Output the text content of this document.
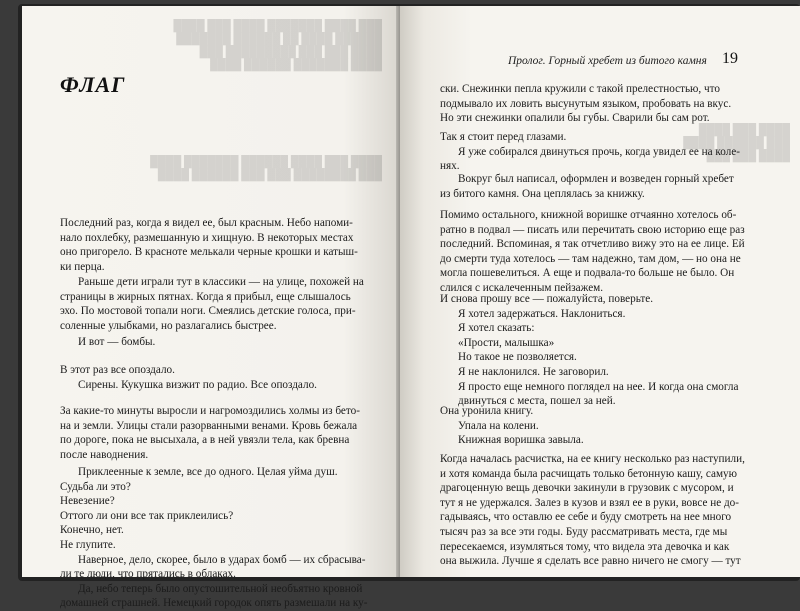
███ ████ ███████ ████ ███ ████
██████ ████ ██ ██████ ███████
████ ███ ███ █████████ ███
████ ███████ ██████ ████
████ ███ ████ ██████ ███████ ████
███ ████████ ███ ███ ██████ ████
████ ███ ████
███ ██████ ████
████ ███ ███
ФЛАГ
Последний раз, когда я видел ее, был красным. Небо напоми-
нало похлебку, размешанную и хищную. В некоторых местах
оно пригорело. В красноте мелькали черные крошки и катыш-
ки перца.
Раньше дети играли тут в классики — на улице, похожей на
страницы в жирных пятнах. Когда я прибыл, еще слышалось
эхо. По мостовой топали ноги. Смеялись детские голоса, при-
соленные улыбками, но разлагались быстрее.
И вот — бомбы.
В этот раз все опоздало.
Сирены. Кукушка визжит по радио. Все опоздало.
За какие-то минуты выросли и нагромоздились холмы из бето-
на и земли. Улицы стали разорванными венами. Кровь бежала
по дороге, пока не высыхала, а в ней увязли тела, как бревна
после наводнения.
Приклеенные к земле, все до одного. Целая уйма душ.
Судьба ли это?
Невезение?
Оттого ли они все так приклеились?
Конечно, нет.
Не глупите.
Наверное, дело, скорее, было в ударах бомб — их сбрасыва-
ли те люди, что прятались в облаках.
Да, небо теперь было опустошительной необъятно кровной
домашней страшней. Немецкий городок опять размешали на ку-
Пролог. Горный хребет из битого камня 19
ски. Снежинки пепла кружили с такой прелестностью, что
подмывало их ловить высунутым языком, пробовать на вкус.
Но эти снежинки опалили бы губы. Сварили бы сам рот.
Так я стоит перед глазами.
Я уже собирался двинуться прочь, когда увидел ее на коле-
нях.
Вокруг был написал, оформлен и возведен горный хребет
из битого камня. Она цеплялась за книжку.
Помимо остального, книжной воришке отчаянно хотелось об-
ратно в подвал — писать или перечитать свою историю еще раз
последний. Вспоминая, я так отчетливо вижу это на ее лице. Ей
до смерти туда хотелось — там надежно, там дом, — но она не
могла пошевелиться. А еще и подвала-то больше не было. Он
слился с искалеченным пейзажем.
И снова прошу все — пожалуйста, поверьте.
Я хотел задержаться. Наклониться.
Я хотел сказать:
«Прости, малышка»
Но такое не позволяется.
Я не наклонился. Не заговорил.
Я просто еще немного поглядел на нее. И когда она смогла
двинуться с места, пошел за ней.
Она уронила книгу.
Упала на колени.
Книжная воришка завыла.
Когда началась расчистка, на ее книгу несколько раз наступили,
и хотя команда была расчищать только бетонную кашу, самую
драгоценную вещь девочки закинули в грузовик с мусором, и
тут я не удержался. Залез в кузов и взял ее в руки, вовсе не до-
гадываясь, что оставлю ее себе и буду смотреть на нее много
тысяч раз за все эти годы. Буду рассматривать места, где мы
пересекаемся, изумляться тому, что видела эта девочка и как
она выжила. Лучше я сделать все равно ничего не смогу — тут
